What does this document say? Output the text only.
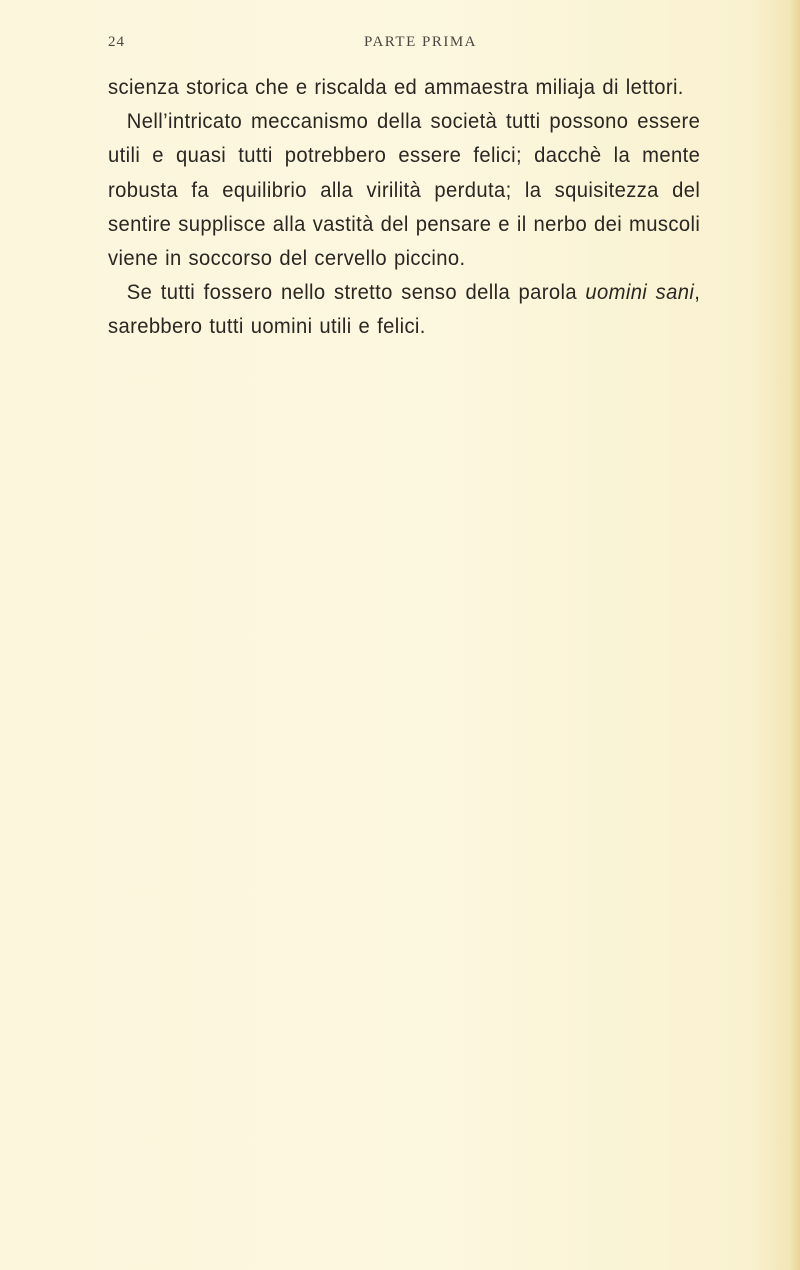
24	PARTE PRIMA

scienza storica che e riscalda ed ammaestra miliaja di lettori.

Nell’intricato meccanismo della società tutti possono essere utili e quasi tutti potrebbero essere felici; dacchè la mente robusta fa equilibrio alla virilità perduta; la squisitezza del sentire supplisce alla vastità del pensare e il nerbo dei muscoli viene in soccorso del cervello piccino.

Se tutti fossero nello stretto senso della parola uomini sani, sarebbero tutti uomini utili e felici.
